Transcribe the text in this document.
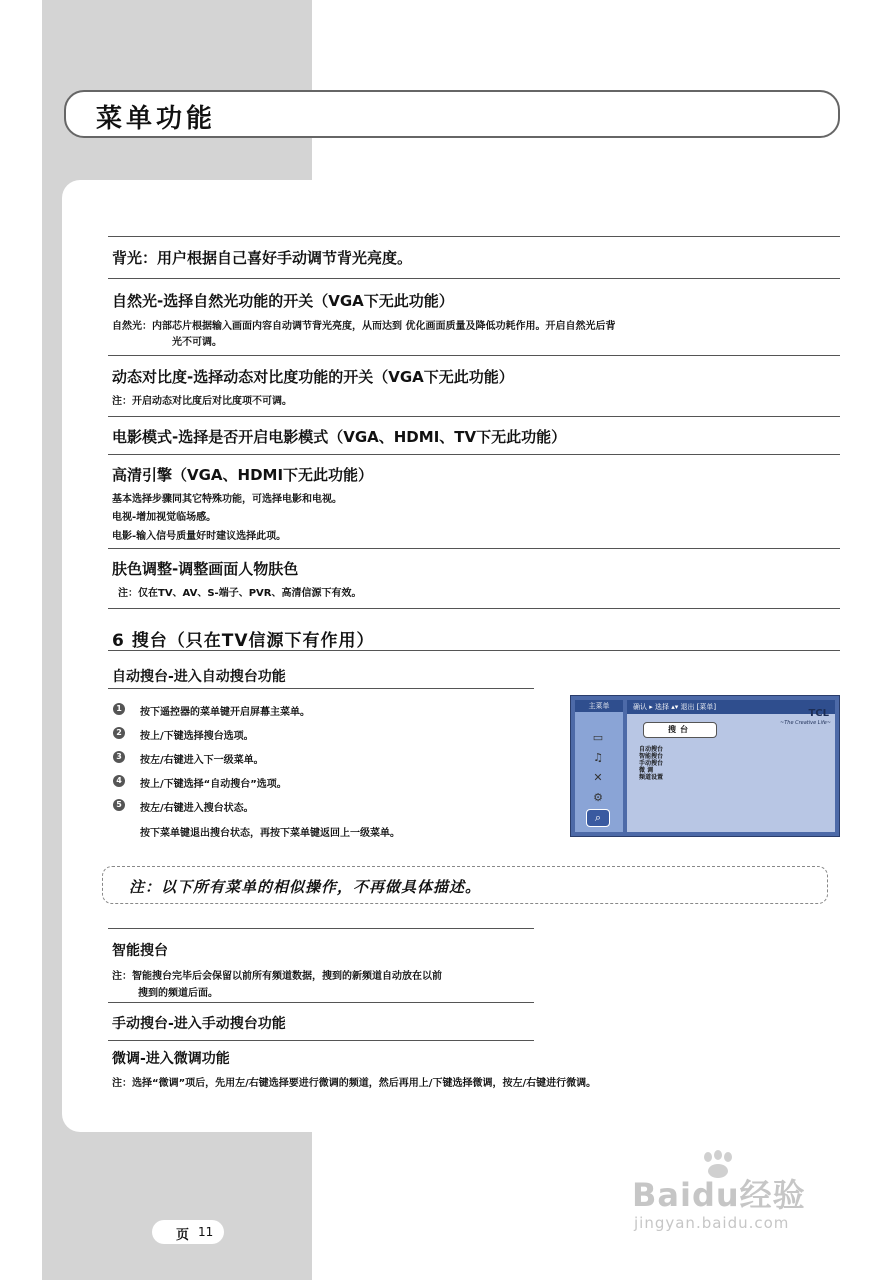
菜单功能
背光：用户根据自己喜好手动调节背光亮度。
自然光-选择自然光功能的开关（VGA下无此功能）
自然光：内部芯片根据输入画面内容自动调节背光亮度，从而达到 优化画面质量及降低功耗作用。开启自然光后背
光不可调。
动态对比度-选择动态对比度功能的开关（VGA下无此功能）
注：开启动态对比度后对比度项不可调。
电影模式-选择是否开启电影模式（VGA、HDMI、TV下无此功能）
高清引擎（VGA、HDMI下无此功能）
基本选择步骤同其它特殊功能，可选择电影和电视。
电视-增加视觉临场感。
电影-输入信号质量好时建议选择此项。
肤色调整-调整画面人物肤色
注：仅在TV、AV、S-端子、PVR、高清信源下有效。
6 搜台（只在TV信源下有作用）
自动搜台-进入自动搜台功能
1	按下遥控器的菜单键开启屏幕主菜单。
2	按上/下键选择搜台选项。
3	按左/右键进入下一级菜单。
4	按上/下键选择“自动搜台”选项。
5	按左/右键进入搜台状态。
按下菜单键退出搜台状态，再按下菜单键返回上一级菜单。
主菜单
▭
♫
✕
⚙
⌕
确认 ▸ 选择 ▴▾ 退出 [菜单]
TCL
~The Creative Life~
搜台
自动搜台
智能搜台
手动搜台
微 调
频道设置
注：以下所有菜单的相似操作，不再做具体描述。
智能搜台
注：智能搜台完毕后会保留以前所有频道数据，搜到的新频道自动放在以前
搜到的频道后面。
手动搜台-进入手动搜台功能
微调-进入微调功能
注：选择“微调”项后，先用左/右键选择要进行微调的频道，然后再用上/下键选择微调，按左/右键进行微调。
页 11
Baidu经验
jingyan.baidu.com
